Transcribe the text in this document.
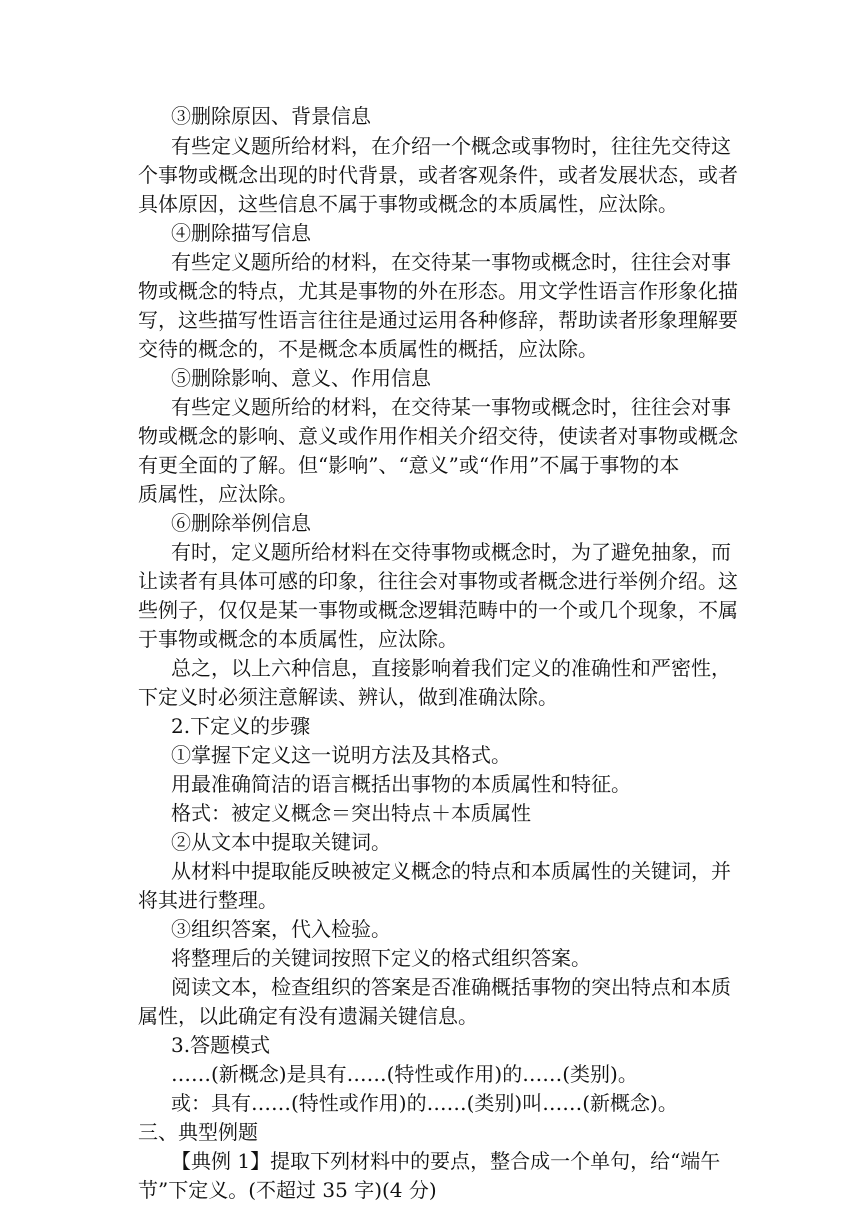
③删除原因、背景信息
有些定义题所给材料，在介绍一个概念或事物时，往往先交待这
个事物或概念出现的时代背景，或者客观条件，或者发展状态，或者
具体原因，这些信息不属于事物或概念的本质属性，应汰除。
④删除描写信息
有些定义题所给的材料，在交待某一事物或概念时，往往会对事
物或概念的特点，尤其是事物的外在形态。用文学性语言作形象化描
写，这些描写性语言往往是通过运用各种修辞，帮助读者形象理解要
交待的概念的，不是概念本质属性的概括，应汰除。
⑤删除影响、意义、作用信息
有些定义题所给的材料，在交待某一事物或概念时，往往会对事
物或概念的影响、意义或作用作相关介绍交待，使读者对事物或概念
有更全面的了解。但“影响”、“意义”或“作用”不属于事物的本
质属性，应汰除。
⑥删除举例信息
有时，定义题所给材料在交待事物或概念时，为了避免抽象，而
让读者有具体可感的印象，往往会对事物或者概念进行举例介绍。这
些例子，仅仅是某一事物或概念逻辑范畴中的一个或几个现象，不属
于事物或概念的本质属性，应汰除。
总之，以上六种信息，直接影响着我们定义的准确性和严密性，
下定义时必须注意解读、辨认，做到准确汰除。
2.下定义的步骤
①掌握下定义这一说明方法及其格式。
用最准确简洁的语言概括出事物的本质属性和特征。
格式：被定义概念＝突出特点＋本质属性
②从文本中提取关键词。
从材料中提取能反映被定义概念的特点和本质属性的关键词，并
将其进行整理。
③组织答案，代入检验。
将整理后的关键词按照下定义的格式组织答案。
阅读文本，检查组织的答案是否准确概括事物的突出特点和本质
属性，以此确定有没有遗漏关键信息。
3.答题模式
……(新概念)是具有……(特性或作用)的……(类别)。
或：具有……(特性或作用)的……(类别)叫……(新概念)。
三、典型例题
【典例 1】提取下列材料中的要点，整合成一个单句，给“端午
节”下定义。(不超过 35 字)(4 分)
